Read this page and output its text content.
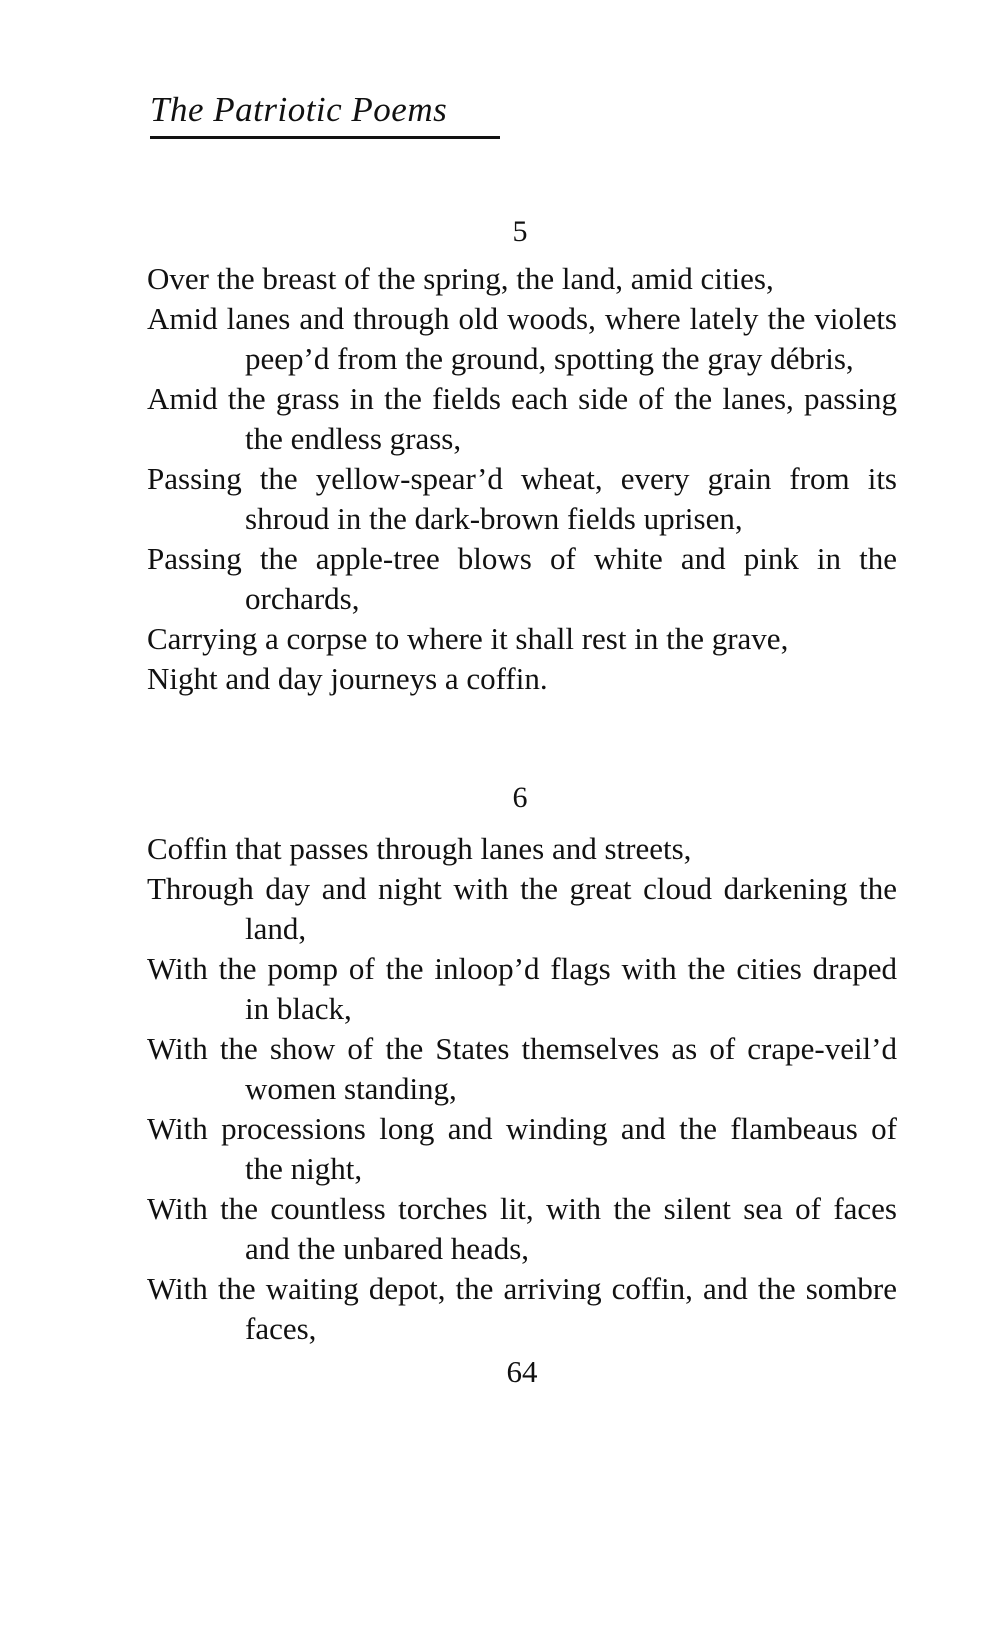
The Patriotic Poems
5
Over the breast of the spring, the land, amid cities,
Amid lanes and through old woods, where lately the violets peep’d from the ground, spotting the gray débris,
Amid the grass in the fields each side of the lanes, passing the endless grass,
Passing the yellow-spear’d wheat, every grain from its shroud in the dark-brown fields uprisen,
Passing the apple-tree blows of white and pink in the orchards,
Carrying a corpse to where it shall rest in the grave,
Night and day journeys a coffin.
6
Coffin that passes through lanes and streets,
Through day and night with the great cloud darkening the land,
With the pomp of the inloop’d flags with the cities draped in black,
With the show of the States themselves as of crape-veil’d women standing,
With processions long and winding and the flambeaus of the night,
With the countless torches lit, with the silent sea of faces and the unbared heads,
With the waiting depot, the arriving coffin, and the sombre faces,
64
